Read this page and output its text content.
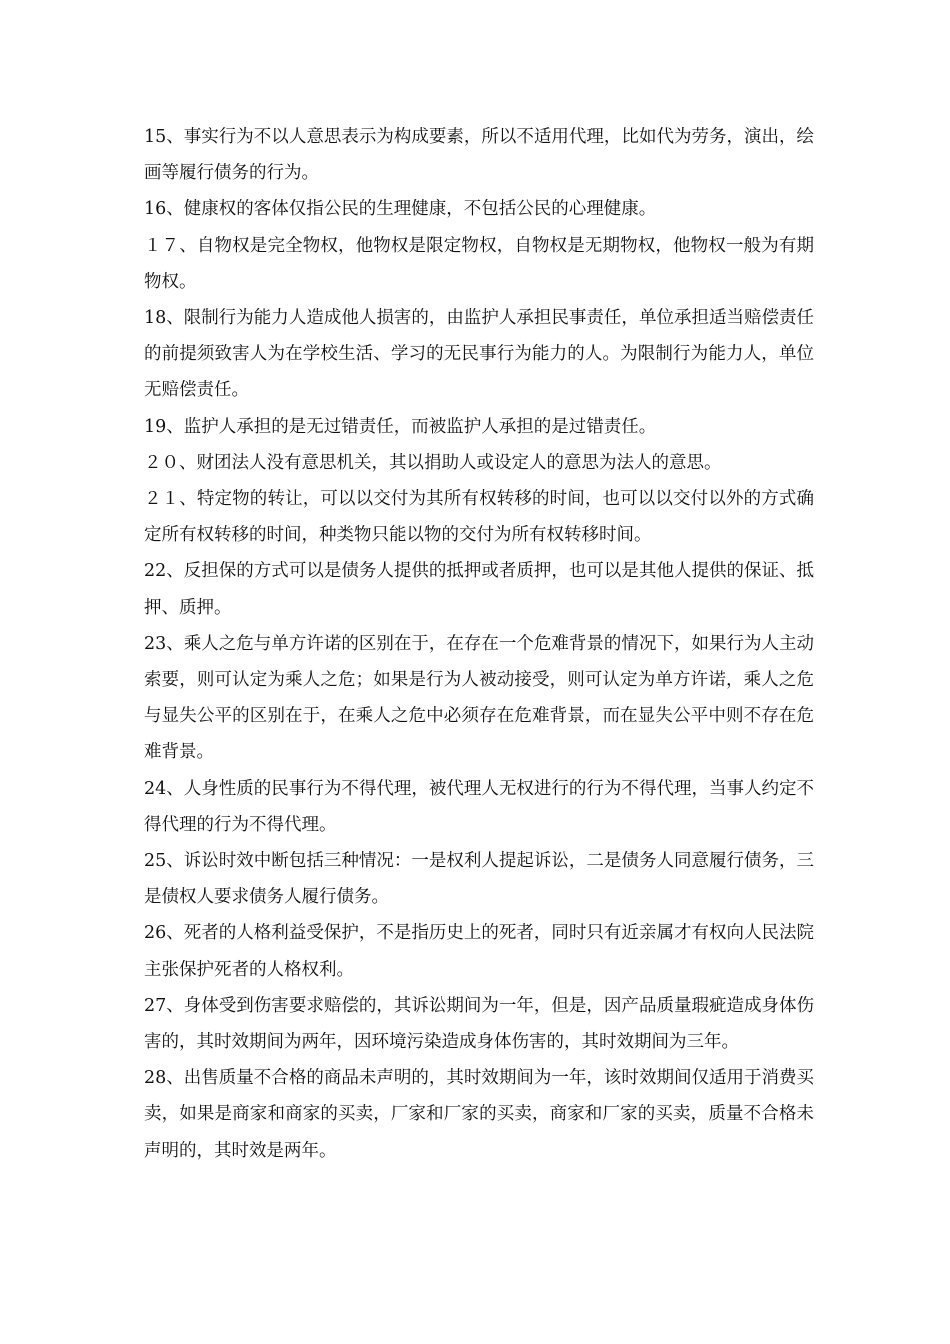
15、事实行为不以人意思表示为构成要素，所以不适用代理，比如代为劳务，演出，绘画等履行债务的行为。

16、健康权的客体仅指公民的生理健康，不包括公民的心理健康。

１７、自物权是完全物权，他物权是限定物权，自物权是无期物权，他物权一般为有期物权。

18、限制行为能力人造成他人损害的，由监护人承担民事责任，单位承担适当赔偿责任的前提须致害人为在学校生活、学习的无民事行为能力的人。为限制行为能力人，单位无赔偿责任。

19、监护人承担的是无过错责任，而被监护人承担的是过错责任。

２０、财团法人没有意思机关，其以捐助人或设定人的意思为法人的意思。

２１、特定物的转让，可以以交付为其所有权转移的时间，也可以以交付以外的方式确定所有权转移的时间，种类物只能以物的交付为所有权转移时间。

22、反担保的方式可以是债务人提供的抵押或者质押，也可以是其他人提供的保证、抵押、质押。

23、乘人之危与单方许诺的区别在于，在存在一个危难背景的情况下，如果行为人主动索要，则可认定为乘人之危；如果是行为人被动接受，则可认定为单方许诺，乘人之危与显失公平的区别在于，在乘人之危中必须存在危难背景，而在显失公平中则不存在危难背景。

24、人身性质的民事行为不得代理，被代理人无权进行的行为不得代理，当事人约定不得代理的行为不得代理。

25、诉讼时效中断包括三种情况：一是权利人提起诉讼，二是债务人同意履行债务，三是债权人要求债务人履行债务。

26、死者的人格利益受保护，不是指历史上的死者，同时只有近亲属才有权向人民法院主张保护死者的人格权利。

27、身体受到伤害要求赔偿的，其诉讼期间为一年，但是，因产品质量瑕疵造成身体伤害的，其时效期间为两年，因环境污染造成身体伤害的，其时效期间为三年。

28、出售质量不合格的商品未声明的，其时效期间为一年，该时效期间仅适用于消费买卖，如果是商家和商家的买卖，厂家和厂家的买卖，商家和厂家的买卖，质量不合格未声明的，其时效是两年。
